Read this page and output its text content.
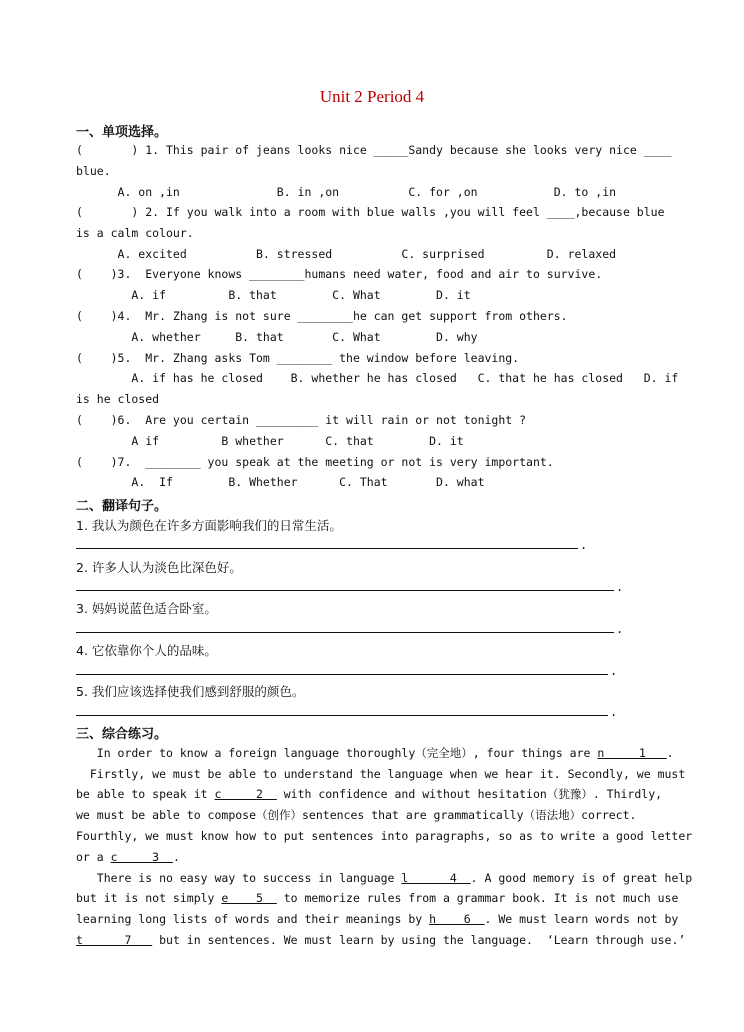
Unit 2 Period 4
一、单项选择。
(       ) 1. This pair of jeans looks nice _____Sandy because she looks very nice ____
blue.
A. on ,in              B. in ,on          C. for ,on           D. to ,in
(       ) 2. If you walk into a room with blue walls ,you will feel ____,because blue
is a calm colour.
A. excited          B. stressed          C. surprised         D. relaxed
(    )3.  Everyone knows ________humans need water, food and air to survive.
A. if         B. that        C. What        D. it
(    )4.  Mr. Zhang is not sure ________he can get support from others.
A. whether     B. that       C. What        D. why
(    )5.  Mr. Zhang asks Tom ________ the window before leaving.
A. if has he closed    B. whether he has closed   C. that he has closed   D. if
is he closed
(    )6.  Are you certain _________ it will rain or not tonight ?
A if         B whether      C. that        D. it
(    )7.  ________ you speak at the meeting or not is very important.
A.  If        B. Whether      C. That       D. what
二、翻译句子。
1. 我认为颜色在许多方面影响我们的日常生活。
.
2. 许多人认为淡色比深色好。
.
3. 妈妈说蓝色适合卧室。
.
4. 它依靠你个人的品味。
.
5. 我们应该选择使我们感到舒服的颜色。
.
三、综合练习。
In order to know a foreign language thoroughly（完全地）, four things are n     1   .
Firstly, we must be able to understand the language when we hear it. Secondly, we must
be able to speak it c     2   with confidence and without hesitation（犹豫）. Thirdly,
we must be able to compose（创作）sentences that are grammatically（语法地）correct.
Fourthly, we must know how to put sentences into paragraphs, so as to write a good letter
or a c     3  .
There is no easy way to success in language l      4  . A good memory is of great help
but it is not simply e    5   to memorize rules from a grammar book. It is not much use
learning long lists of words and their meanings by h    6  . We must learn words not by
t      7    but in sentences. We must learn by using the language.  ‘Learn through use.’
